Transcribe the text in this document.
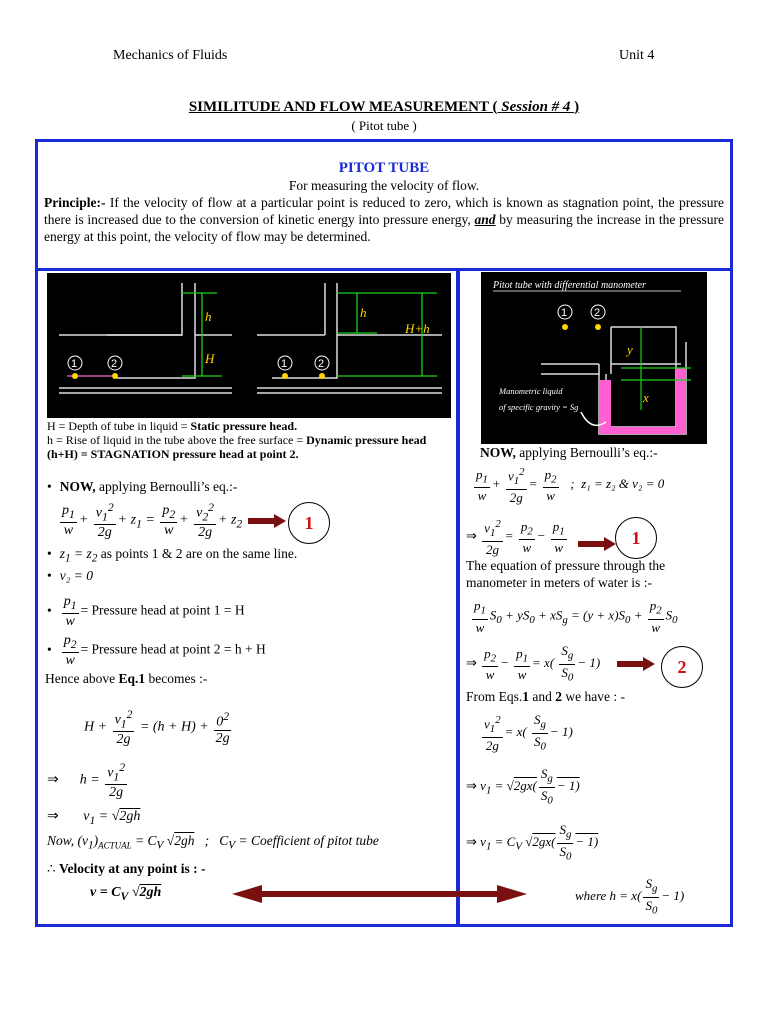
Mechanics of Fluids	Unit 4
SIMILITUDE AND FLOW MEASUREMENT ( Session # 4 )
( Pitot tube )
PITOT TUBE
For measuring the velocity of flow.
Principle:- If the velocity of flow at a particular point is reduced to zero, which is known as stagnation point, the pressure there is increased due to the conversion of kinetic energy into pressure energy, and by measuring the increase in the pressure energy at this point, the velocity of flow may be determined.
h
H
h
H+h
1	2	1	2
H = Depth of tube in liquid = Static pressure head.
h = Rise of liquid in the tube above the free surface = Dynamic pressure head
(h+H) = STAGNATION pressure head at point 2.
• NOW, applying Bernoulli’s eq.:-
$\frac{p_1}{w} + \frac{v_1^2}{2g} + z_1 = \frac{p_2}{w} + \frac{v_2^2}{2g} + z_2$	1
• $z_1 = z_2$ as points 1 & 2 are on the same line.
• v₂ = 0
•
$\frac{p_1}{w}$ = Pressure head at point 1 = H
•
$\frac{p_2}{w}$ = Pressure head at point 2 = h + H
Hence above Eq.1 becomes :-
$H + \frac{v_1^2}{2g} = (h + H) + \frac{0^2}{2g}$
⇒      $h = \frac{v_1^2}{2g}$
⇒       $v_1 = √2gh$
Now, $(v_1)_{ACTUAL} = C_V$ √2gh   ;   $C_V$ = Coefficient of pitot tube
∴ Velocity at any point is : -
$v = C_V$ √2gh
Pitot tube with differential manometer
y
x
Manometric liquid
of specific gravity = Sg
1 2
NOW, applying Bernoulli’s eq.:-
$\frac{p_1}{w} + \frac{v_1^2}{2g} = \frac{p_2}{w}$ ;  z₁ = z₂ & v₂ = 0
⇒ $\frac{v_1^2}{2g} = \frac{p_2}{w} - \frac{p_1}{w}$	1
The equation of pressure through the manometer in meters of water is :-
$\frac{p_1}{w} S_0 + yS_0 + xS_g = (y + x)S_0 + \frac{p_2}{w} S_0$
⇒ $\frac{p_2}{w} - \frac{p_1}{w} = x( \frac{S_g}{S_0} - 1)$	2
From Eqs.1 and 2 we have : -
$\frac{v_1^2}{2g} = x( \frac{S_g}{S_0} - 1)$
⇒ $v_1 = √2gx( \frac{S_g}{S_0} - 1)$
⇒ $v_1 = C_V$ $√2gx( \frac{S_g}{S_0} - 1)$
where $h = x( \frac{S_g}{S_0} - 1)$
